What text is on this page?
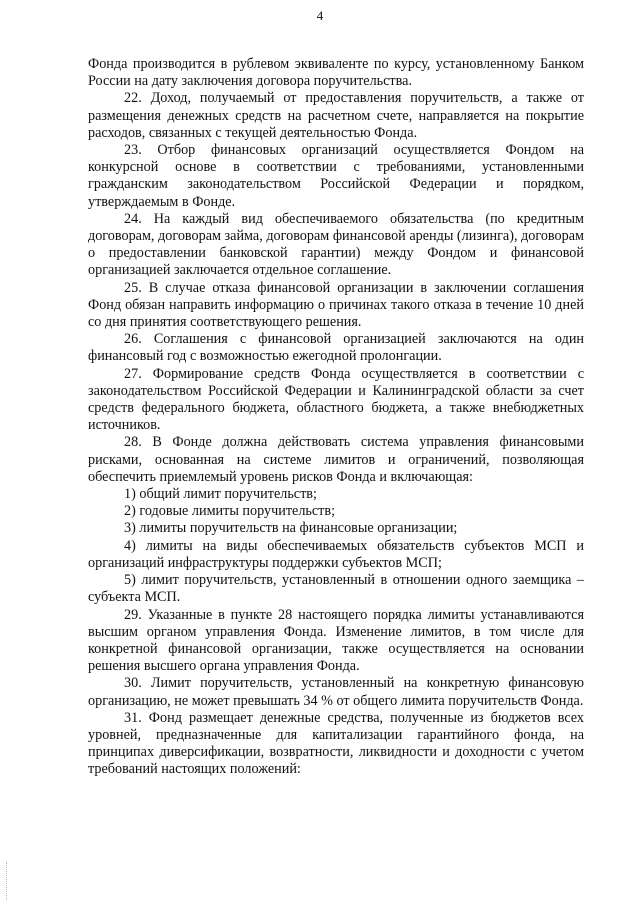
4

Фонда производится в рублевом эквиваленте по курсу, установленному Банком России на дату заключения договора поручительства.

22. Доход, получаемый от предоставления поручительств, а также от размещения денежных средств на расчетном счете, направляется на покрытие расходов, связанных с текущей деятельностью Фонда.

23. Отбор финансовых организаций осуществляется Фондом на конкурсной основе в соответствии с требованиями, установленными гражданским законодательством Российской Федерации и порядком, утверждаемым в Фонде.

24. На каждый вид обеспечиваемого обязательства (по кредитным договорам, договорам займа, договорам финансовой аренды (лизинга), договорам о предоставлении банковской гарантии) между Фондом и финансовой организацией заключается отдельное соглашение.

25. В случае отказа финансовой организации в заключении соглашения Фонд обязан направить информацию о причинах такого отказа в течение 10 дней со дня принятия соответствующего решения.

26. Соглашения с финансовой организацией заключаются на один финансовый год с возможностью ежегодной пролонгации.

27. Формирование средств Фонда осуществляется в соответствии с законодательством Российской Федерации и Калининградской области за счет средств федерального бюджета, областного бюджета, а также внебюджетных источников.

28. В Фонде должна действовать система управления финансовыми рисками, основанная на системе лимитов и ограничений, позволяющая обеспечить приемлемый уровень рисков Фонда и включающая:

1) общий лимит поручительств;

2) годовые лимиты поручительств;

3) лимиты поручительств на финансовые организации;

4) лимиты на виды обеспечиваемых обязательств субъектов МСП и организаций инфраструктуры поддержки субъектов МСП;

5) лимит поручительств, установленный в отношении одного заемщика – субъекта МСП.

29. Указанные в пункте 28 настоящего порядка лимиты устанавливаются высшим органом управления Фонда. Изменение лимитов, в том числе для конкретной финансовой организации, также осуществляется на основании решения высшего органа управления Фонда.

30. Лимит поручительств, установленный на конкретную финансовую организацию, не может превышать 34 % от общего лимита поручительств Фонда.

31. Фонд размещает денежные средства, полученные из бюджетов всех уровней, предназначенные для капитализации гарантийного фонда, на принципах диверсификации, возвратности, ликвидности и доходности с учетом требований настоящих положений:
